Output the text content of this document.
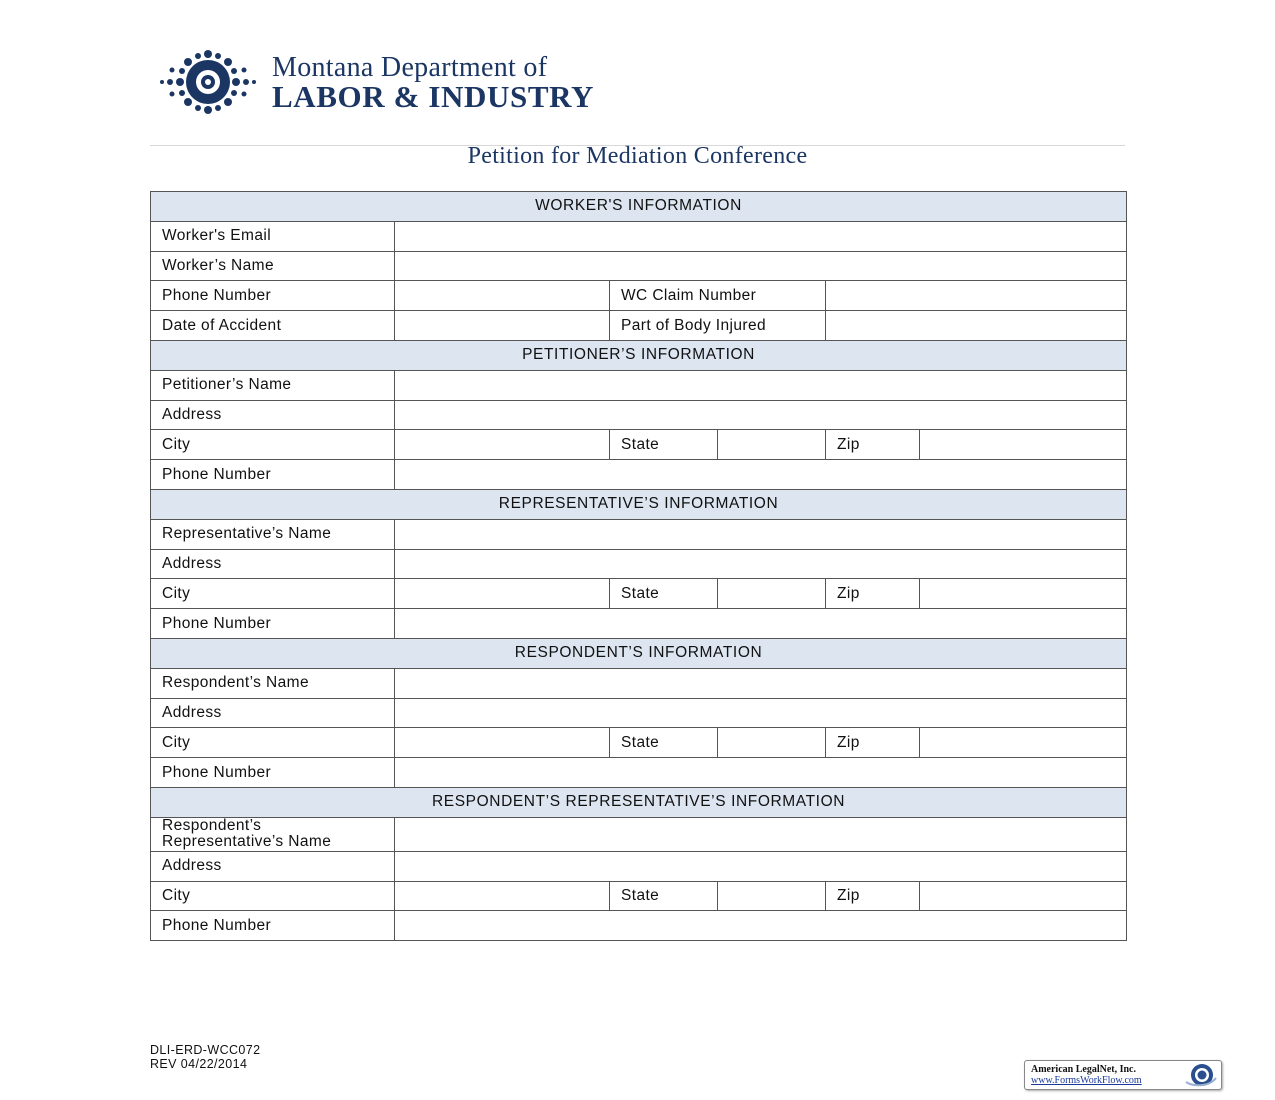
Montana Department of
LABOR & INDUSTRY
Petition for Mediation Conference
WORKER'S INFORMATION					
Worker's Email					
Worker’s Name					
Phone Number		WC Claim Number			
Date of Accident		Part of Body Injured			
PETITIONER’S INFORMATION					
Petitioner’s Name					
Address					
City		State		Zip	
Phone Number					
REPRESENTATIVE’S INFORMATION					
Representative’s Name					
Address					
City		State		Zip	
Phone Number					
RESPONDENT’S INFORMATION					
Respondent’s Name					
Address					
City		State		Zip	
Phone Number					
RESPONDENT’S REPRESENTATIVE’S INFORMATION					

Respondent’s
Representative’s Name					

Address					
City		State		Zip	
Phone Number					
DLI-ERD-WCC072
REV 04/22/2014	American LegalNet, Inc.
www.FormsWorkFlow.com
